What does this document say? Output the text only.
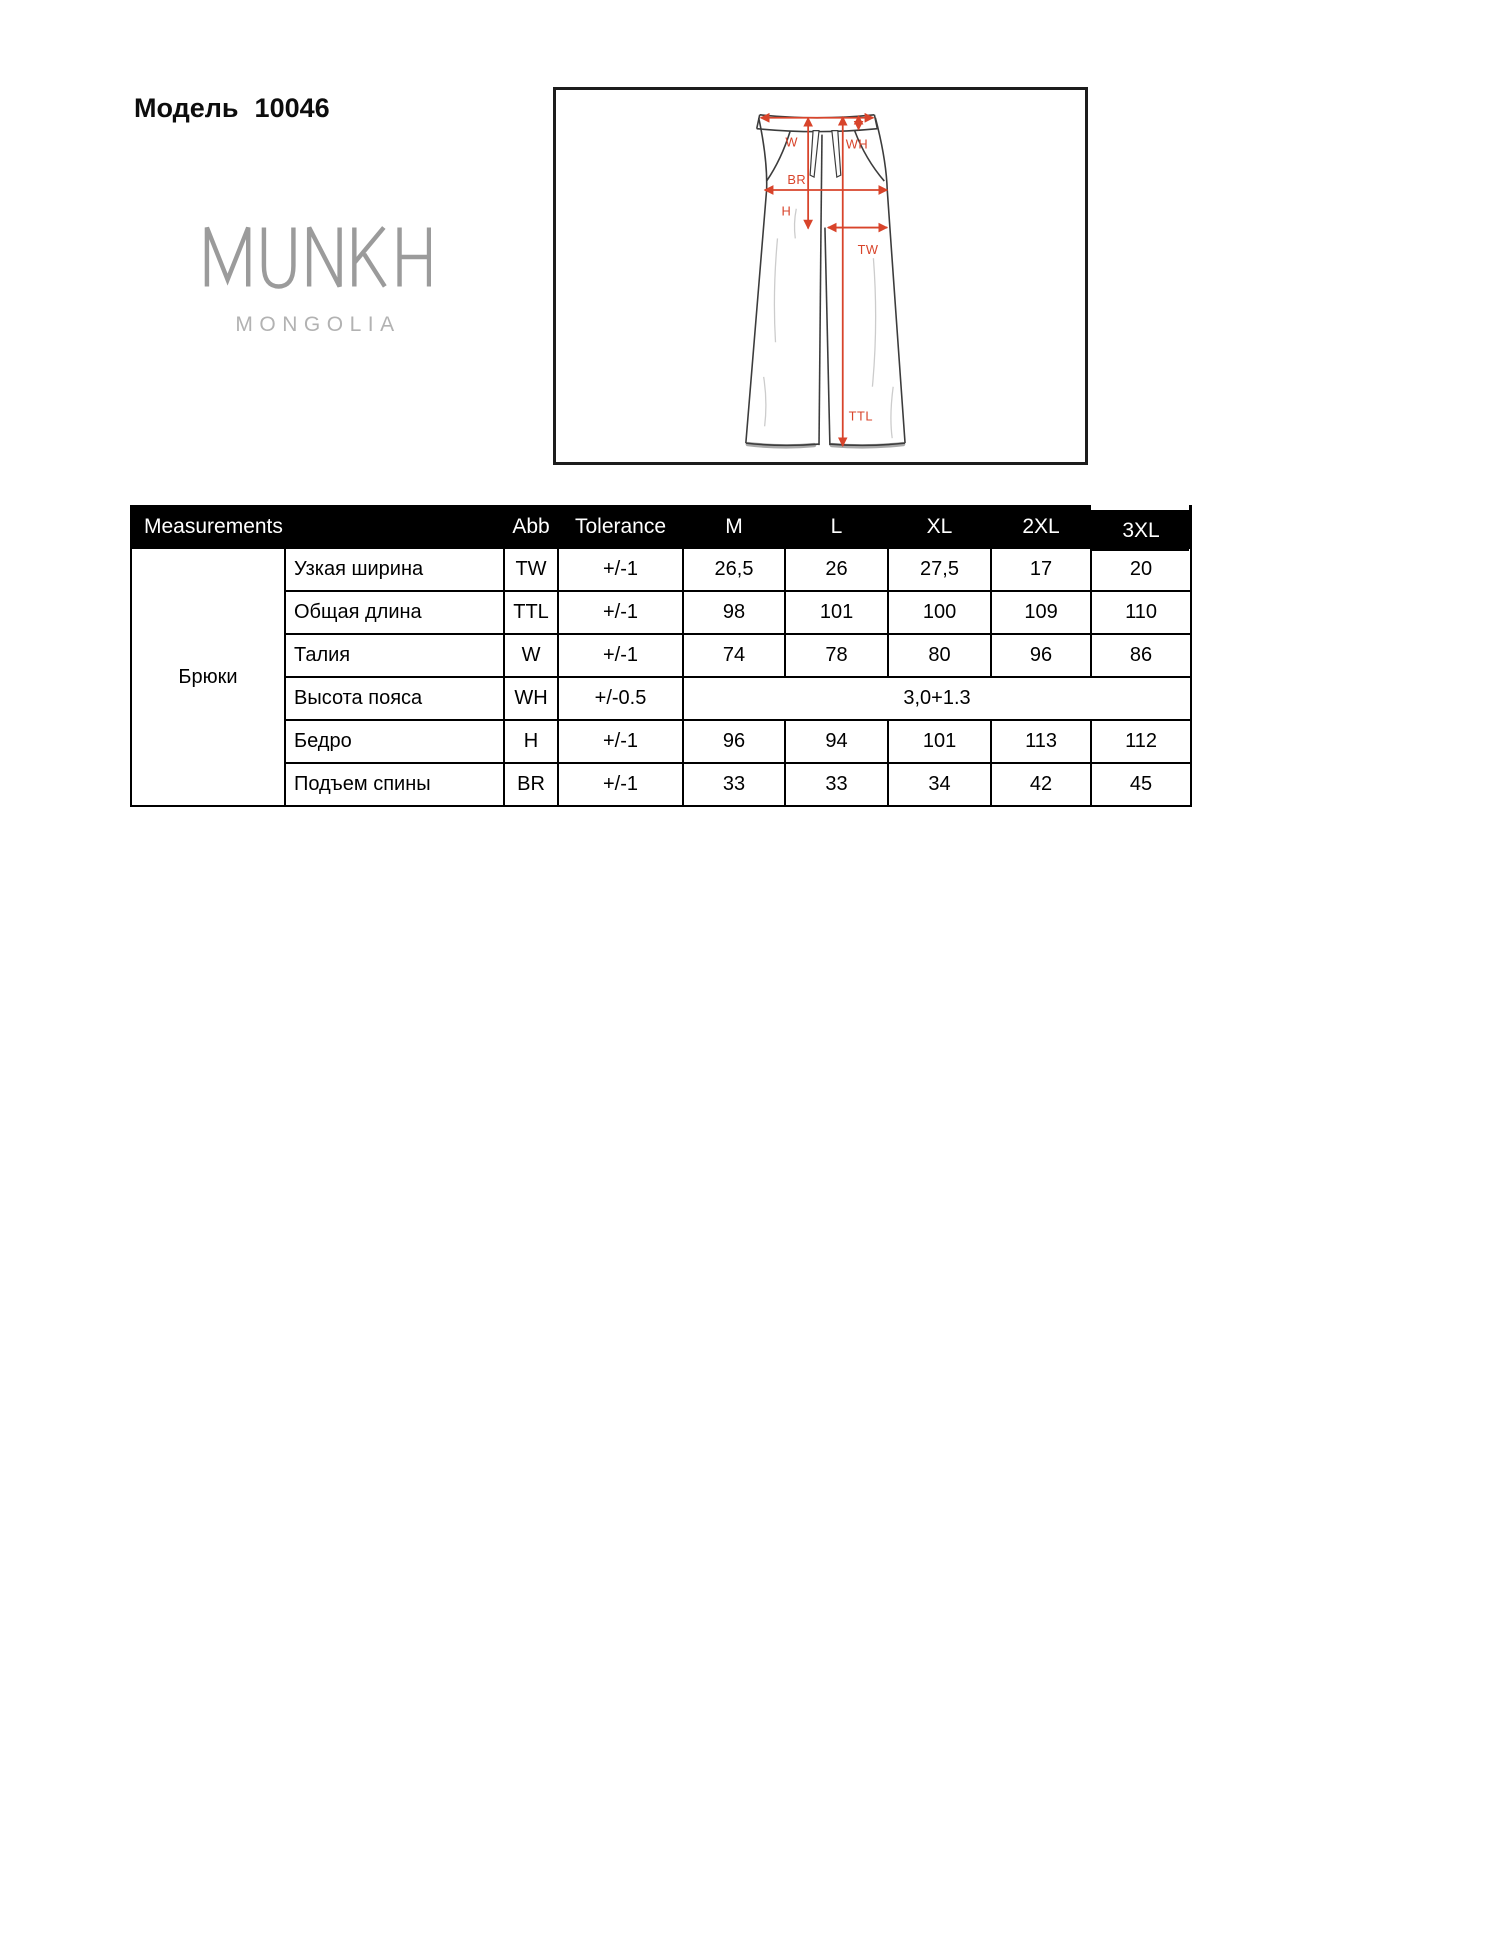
Модель 10046
MONGOLIA
W	WH
BR
H
TW
TTL
Measurements		Abb	Tolerance	M	L	XL	2XL	3XL
Брюки	Узкая ширина	TW	+/-1	26,5	26	27,5	17	20
	Общая длина	TTL	+/-1	98	101	100	109	110
	Талия	W	+/-1	74	78	80	96	86
	Высота пояса	WH	+/-0.5	3,0+1.3				
	Бедро	H	+/-1	96	94	101	113	112
	Подъем спины	BR	+/-1	33	33	34	42	45
